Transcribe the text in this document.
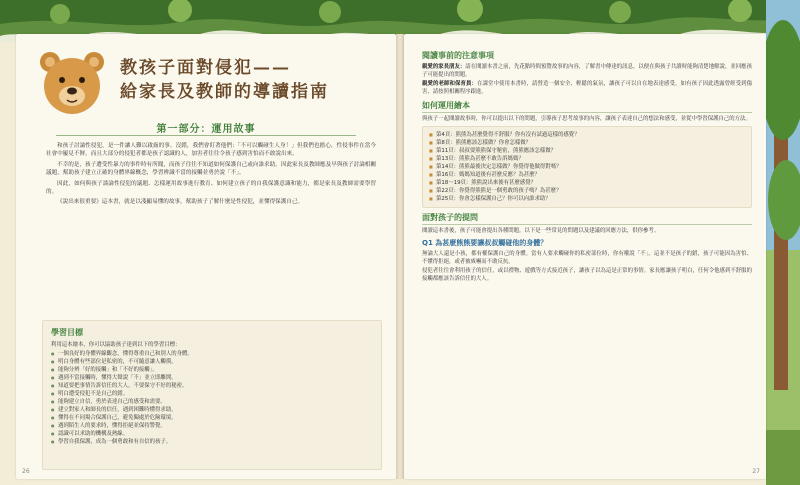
教孩子面對侵犯——
給家長及教師的導讀指南
第一部分：運用故事

和孩子討論性侵犯，是一件讓人難以啟齒的事。沒錯，我們會盯著他們：「不可以觸碰生人身！」但我們也擔心，性侵事件在當今社會中屢見不鮮，而且大部分的侵犯者都是孩子認識的人，加害者往往令孩子感到害怕而不敢說出來。

不幸的是，孩子遭受性暴力的事件時有所聞，而孩子往往不知道如何保護自己或向誰求助。因此家長及教師應及早與孩子討論相關議題，幫助孩子建立正確的身體界線概念，學習辨識不當的接觸並勇於說「不」。

因此，如何與孩子談論性侵犯的議題、怎樣運用故事進行教育、如何建立孩子的自我保護意識和能力，都是家長及教師需要學習的。

《說出來很重要》這本書，就是以淺顯易懂的故事，幫助孩子了解什麼是性侵犯，並懂得保護自己。

學習目標
利用這本繪本，你可以協助孩子達到以下的學習目標：
● 一個良好的身體界線觀念，懂得尊重自己和別人的身體。
● 明白身體有些部位是私密的，不可隨意讓人觸摸。
● 能夠分辨「好的接觸」和「不好的接觸」。
● 遇到不當接觸時，懂得大聲說「不」並立即離開。
● 知道要把事情告訴信任的大人，不要保守不好的秘密。
● 明白遭受侵犯不是自己的錯。
● 能夠建立自信，勇於表達自己的感受和需要。
● 建立對家人和師長的信任，遇到困難時懂得求助。
● 懂得在不同場合保護自己，避免獨處於危險環境。
● 遇到陌生人的要求時，懂得拒絕並保持警覺。
● 認識可以求助的機構及熱線。
● 學習自我保護，成為一個勇敢和有自信的孩子。
26
閱讀事前的注意事項

親愛的家長朋友：請在閱讀本書之前，先花點時間預覽故事的內容，了解書中傳達的訊息，以便在與孩子共讀時能夠清楚地解說，並回應孩子可能提出的問題。

親愛的老師和保育員：在課堂中使用本書時，請營造一個安全、輕鬆的氣氛，讓孩子可以自在地表達感受，如有孩子因此透露曾經受到傷害，請按照相關程序跟進。

如何運用繪本

與孩子一起閱讀故事時，你可以提出以下的問題，引導孩子思考故事的內容，讓孩子表達自己的想法和感受，並從中學習保護自己的方法。

■ 第4頁：熊熊為甚麼覺得不舒服？你有沒有試過這樣的感覺？
■ 第8頁：熊熊應該怎樣做？你會怎樣做？
■ 第11頁：叔叔要熊熊保守秘密，熊熊應該怎樣做？
■ 第13頁：熊熊為甚麼不敢告訴媽媽？
■ 第14頁：熊熊最後決定怎樣做？你覺得他做得對嗎？
■ 第16頁：媽媽知道後有甚麼反應？為甚麼？
■ 第18～19頁：熊熊說出來後有甚麼感覺？
■ 第22頁：你覺得熊熊是一個勇敢的孩子嗎？為甚麼？
■ 第25頁：你會怎樣保護自己？你可以向誰求助？
面對孩子的提問

閱讀這本書後，孩子可能會提出各種問題。以下是一些常見的問題以及建議的回應方法，供你參考。

Q1 為甚麼熊熊要讓叔叔觸碰他的身體？

無論大人還是小孩，都有權保護自己的身體。當有人要求觸碰你的私密部位時，你有權說「不」。這並不是孩子的錯，孩子可能因為害怕、不懂得拒絕，或者被威嚇而不敢反抗。

侵犯者往往會利用孩子的信任，或以禮物、遊戲等方式接近孩子，讓孩子以為這是正常的事情。家長應讓孩子明白，任何令他感到不舒服的接觸都應該告訴信任的大人。

27
